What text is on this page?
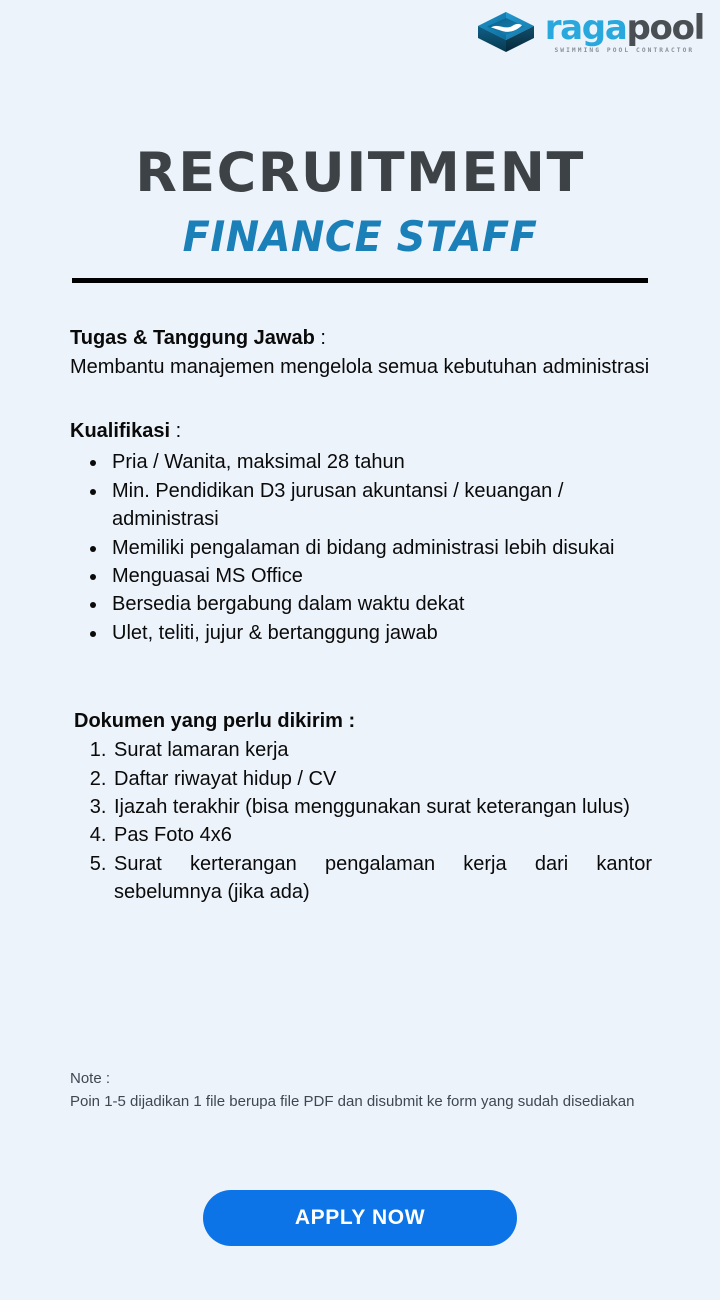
ragapool
SWIMMING POOL CONTRACTOR
RECRUITMENT
FINANCE STAFF
Tugas & Tanggung Jawab :

Membantu manajemen mengelola semua kebutuhan administrasi

Kualifikasi :
• Pria / Wanita, maksimal 28 tahun
• Min. Pendidikan D3 jurusan akuntansi / keuangan / administrasi
• Memiliki pengalaman di bidang administrasi lebih disukai
• Menguasai MS Office
• Bersedia bergabung dalam waktu dekat
• Ulet, teliti, jujur & bertanggung jawab
Dokumen yang perlu dikirim :
1. Surat lamaran kerja
2. Daftar riwayat hidup / CV
3. Ijazah terakhir (bisa menggunakan surat keterangan lulus)
4. Pas Foto 4x6
5. Surat kerterangan pengalaman kerja dari kantor sebelumnya (jika ada)

Note :

Poin 1-5 dijadikan 1 file berupa file PDF dan disubmit ke form yang sudah disediakan

APPLY NOW
